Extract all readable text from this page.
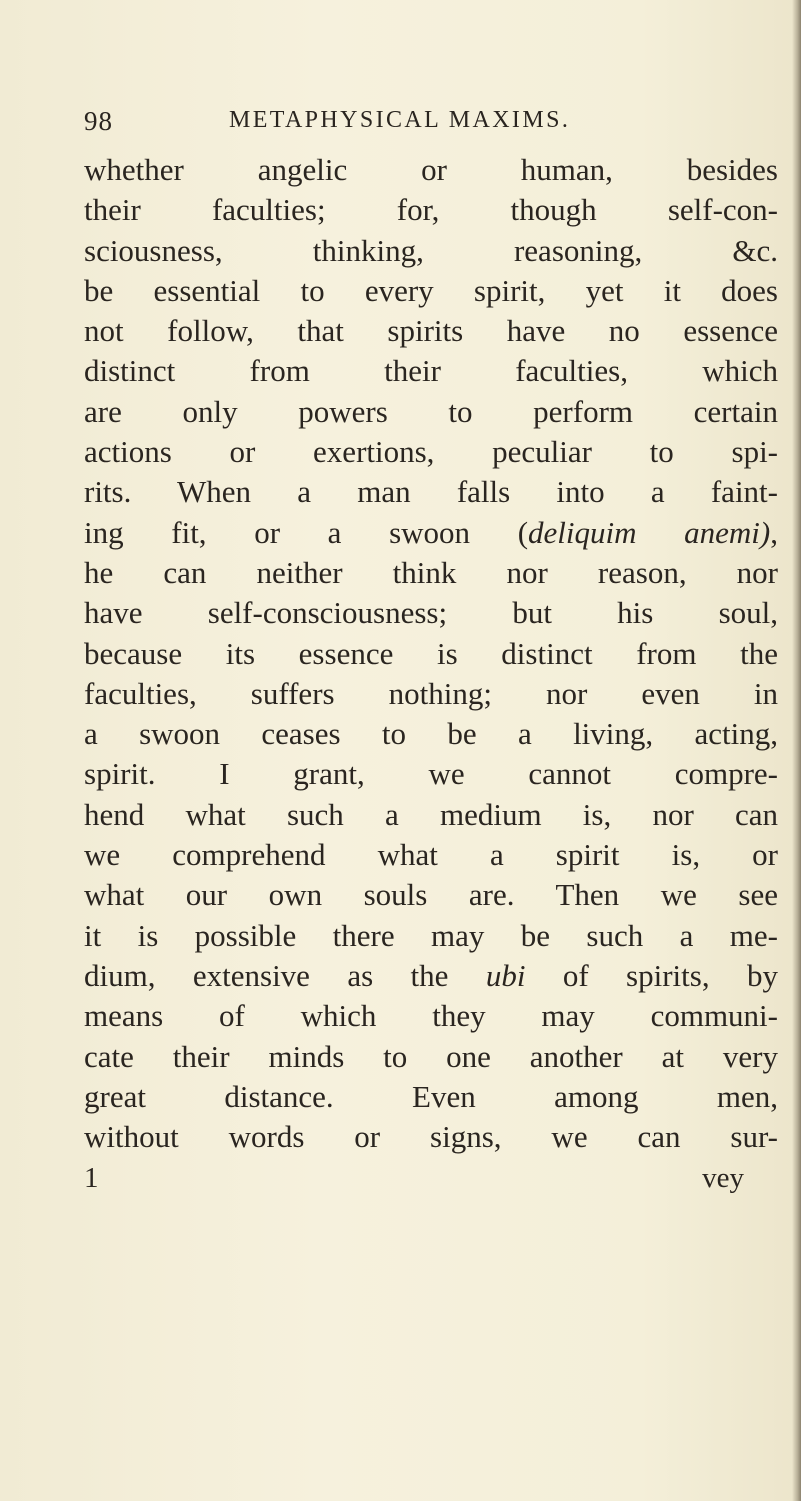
98	METAPHYSICAL MAXIMS.
whether angelic or human, besides
their faculties; for, though self-con-
sciousness, thinking, reasoning, &c.
be essential to every spirit, yet it does
not follow, that spirits have no essence
distinct from their faculties, which
are only powers to perform certain
actions or exertions, peculiar to spi-
rits. When a man falls into a faint-
ing fit, or a swoon (deliquim anemi),
he can neither think nor reason, nor
have self-consciousness; but his soul,
because its essence is distinct from the
faculties, suffers nothing; nor even in
a swoon ceases to be a living, acting,
spirit. I grant, we cannot compre-
hend what such a medium is, nor can
we comprehend what a spirit is, or
what our own souls are. Then we see
it is possible there may be such a me-
dium, extensive as the ubi of spirits, by
means of which they may communi-
cate their minds to one another at very
great distance. Even among men,
without words or signs, we can sur-
1	vey
